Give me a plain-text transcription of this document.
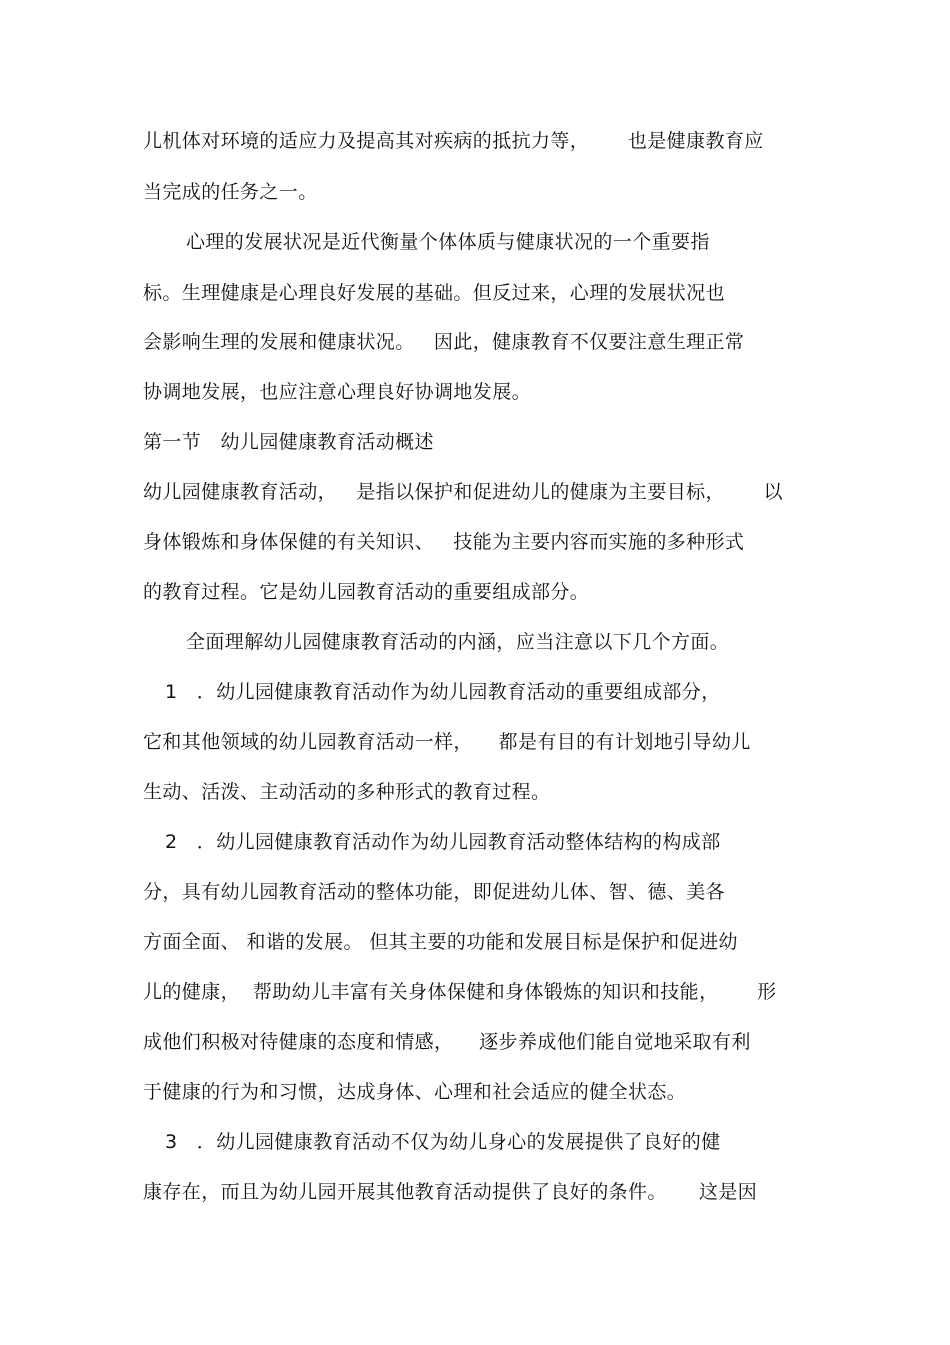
儿机体对环境的适应力及提高其对疾病的抵抗力等，      也是健康教育应
当完成的任务之一。
心理的发展状况是近代衡量个体体质与健康状况的一个重要指
标。生理健康是心理良好发展的基础。但反过来，心理的发展状况也
会影响生理的发展和健康状况。   因此，健康教育不仅要注意生理正常
协调地发展，也应注意心理良好协调地发展。
第一节   幼儿园健康教育活动概述
幼儿园健康教育活动，   是指以保护和促进幼儿的健康为主要目标，      以
身体锻炼和身体保健的有关知识、   技能为主要内容而实施的多种形式
的教育过程。它是幼儿园教育活动的重要组成部分。
全面理解幼儿园健康教育活动的内涵，应当注意以下几个方面。
1   ．幼儿园健康教育活动作为幼儿园教育活动的重要组成部分，
它和其他领域的幼儿园教育活动一样，    都是有目的有计划地引导幼儿
生动、活泼、主动活动的多种形式的教育过程。
2   ．幼儿园健康教育活动作为幼儿园教育活动整体结构的构成部
分，具有幼儿园教育活动的整体功能，即促进幼儿体、智、德、美各
方面全面、 和谐的发展。 但其主要的功能和发展目标是保护和促进幼
儿的健康，  帮助幼儿丰富有关身体保健和身体锻炼的知识和技能，      形
成他们积极对待健康的态度和情感，    逐步养成他们能自觉地采取有利
于健康的行为和习惯，达成身体、心理和社会适应的健全状态。
3   ．幼儿园健康教育活动不仅为幼儿身心的发展提供了良好的健
康存在，而且为幼儿园开展其他教育活动提供了良好的条件。     这是因
